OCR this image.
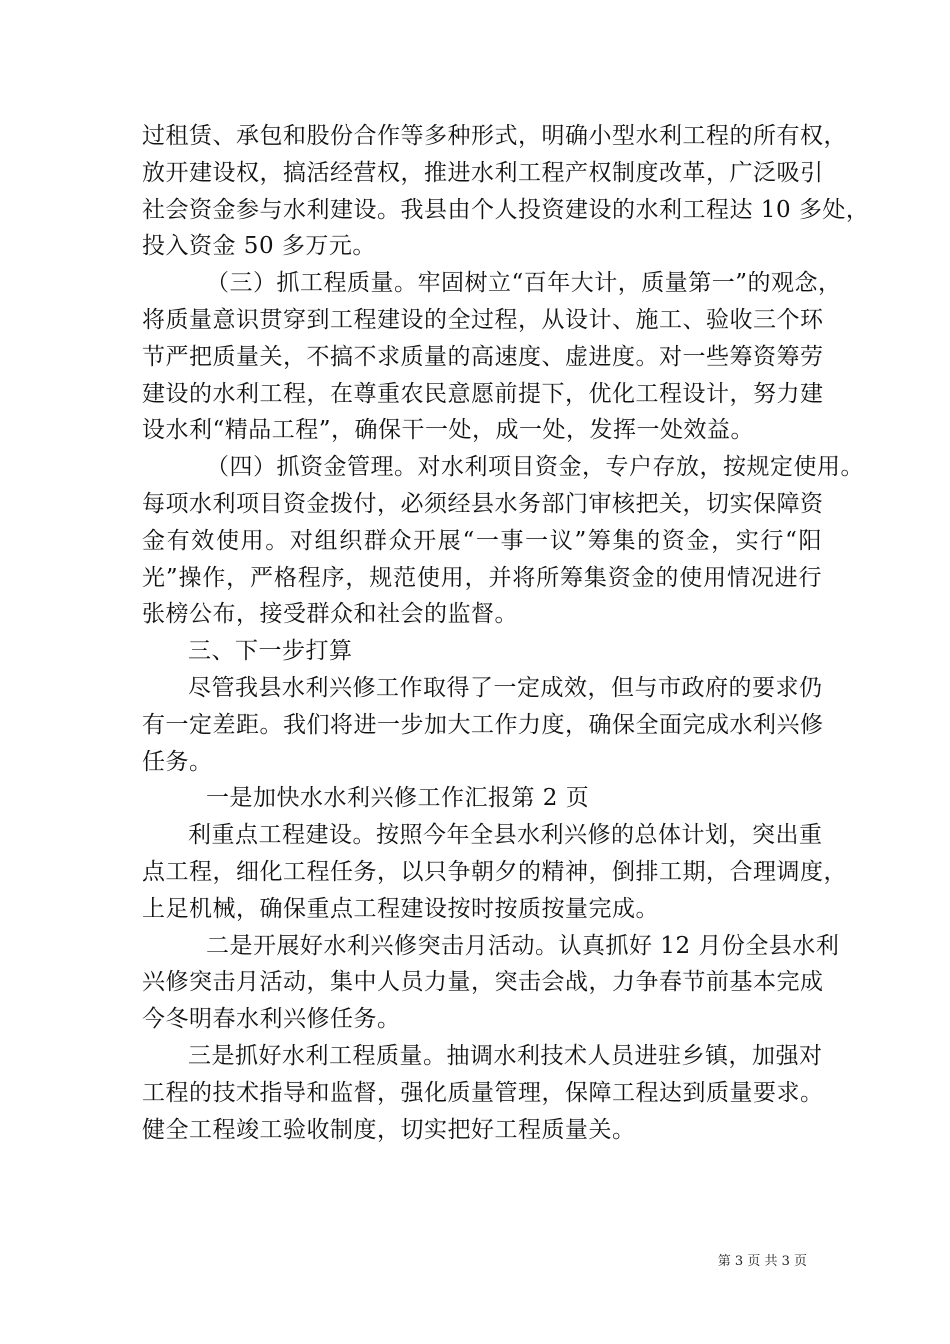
过租赁、承包和股份合作等多种形式，明确小型水利工程的所有权，
放开建设权，搞活经营权，推进水利工程产权制度改革，广泛吸引
社会资金参与水利建设。我县由个人投资建设的水利工程达 10 多处，
投入资金 50 多万元。
（三）抓工程质量。牢固树立“百年大计，质量第一”的观念，
将质量意识贯穿到工程建设的全过程，从设计、施工、验收三个环
节严把质量关，不搞不求质量的高速度、虚进度。对一些筹资筹劳
建设的水利工程，在尊重农民意愿前提下，优化工程设计，努力建
设水利“精品工程”，确保干一处，成一处，发挥一处效益。
（四）抓资金管理。对水利项目资金，专户存放，按规定使用。
每项水利项目资金拨付，必须经县水务部门审核把关，切实保障资
金有效使用。对组织群众开展“一事一议”筹集的资金，实行“阳
光”操作，严格程序，规范使用，并将所筹集资金的使用情况进行
张榜公布，接受群众和社会的监督。
三、下一步打算
尽管我县水利兴修工作取得了一定成效，但与市政府的要求仍
有一定差距。我们将进一步加大工作力度，确保全面完成水利兴修
任务。
一是加快水水利兴修工作汇报第 2 页
利重点工程建设。按照今年全县水利兴修的总体计划，突出重
点工程，细化工程任务，以只争朝夕的精神，倒排工期，合理调度，
上足机械，确保重点工程建设按时按质按量完成。
二是开展好水利兴修突击月活动。认真抓好 12 月份全县水利
兴修突击月活动，集中人员力量，突击会战，力争春节前基本完成
今冬明春水利兴修任务。
三是抓好水利工程质量。抽调水利技术人员进驻乡镇，加强对
工程的技术指导和监督，强化质量管理，保障工程达到质量要求。
健全工程竣工验收制度，切实把好工程质量关。
第 3 页 共 3 页
